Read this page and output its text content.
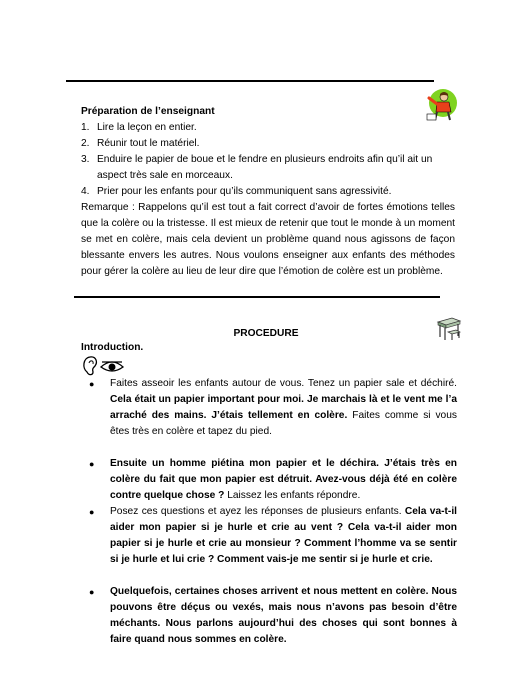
Préparation de l’enseignant
1. Lire la leçon en entier.
2. Réunir tout le matériel.
3. Enduire le papier de boue et le fendre en plusieurs endroits afin qu’il ait un aspect très sale en morceaux.
4. Prier pour les enfants pour qu’ils communiquent sans agressivité.
Remarque : Rappelons qu’il est tout a fait correct d’avoir de fortes émotions telles que la colère ou la tristesse. Il est mieux de retenir que tout le monde à un moment se met en colère, mais cela devient un problème quand nous agissons de façon blessante envers les autres. Nous voulons enseigner aux enfants des méthodes pour gérer la colère au lieu de leur dire que l’émotion de colère est un problème.
PROCEDURE
Introduction.
●	Faites asseoir les enfants autour de vous. Tenez un papier sale et déchiré. Cela était un papier important pour moi. Je marchais là et le vent me l’a arraché des mains. J’étais tellement en colère. Faites comme si vous êtes très en colère et tapez du pied.
●	Ensuite un homme piétina mon papier et le déchira. J’étais très en colère du fait que mon papier est détruit. Avez-vous déjà été en colère contre quelque chose ? Laissez les enfants répondre.
●	Posez ces questions et ayez les réponses de plusieurs enfants. Cela va-t-il aider mon papier si je hurle et crie au vent ? Cela va-t-il aider mon papier si je hurle et crie au monsieur ? Comment l’homme va se sentir si je hurle et lui crie ? Comment vais-je me sentir si je hurle et crie.
●	Quelquefois, certaines choses arrivent et nous mettent en colère. Nous pouvons être déçus ou vexés, mais nous n’avons pas besoin d’être méchants. Nous parlons aujourd’hui des choses qui sont bonnes à faire quand nous sommes en colère.
